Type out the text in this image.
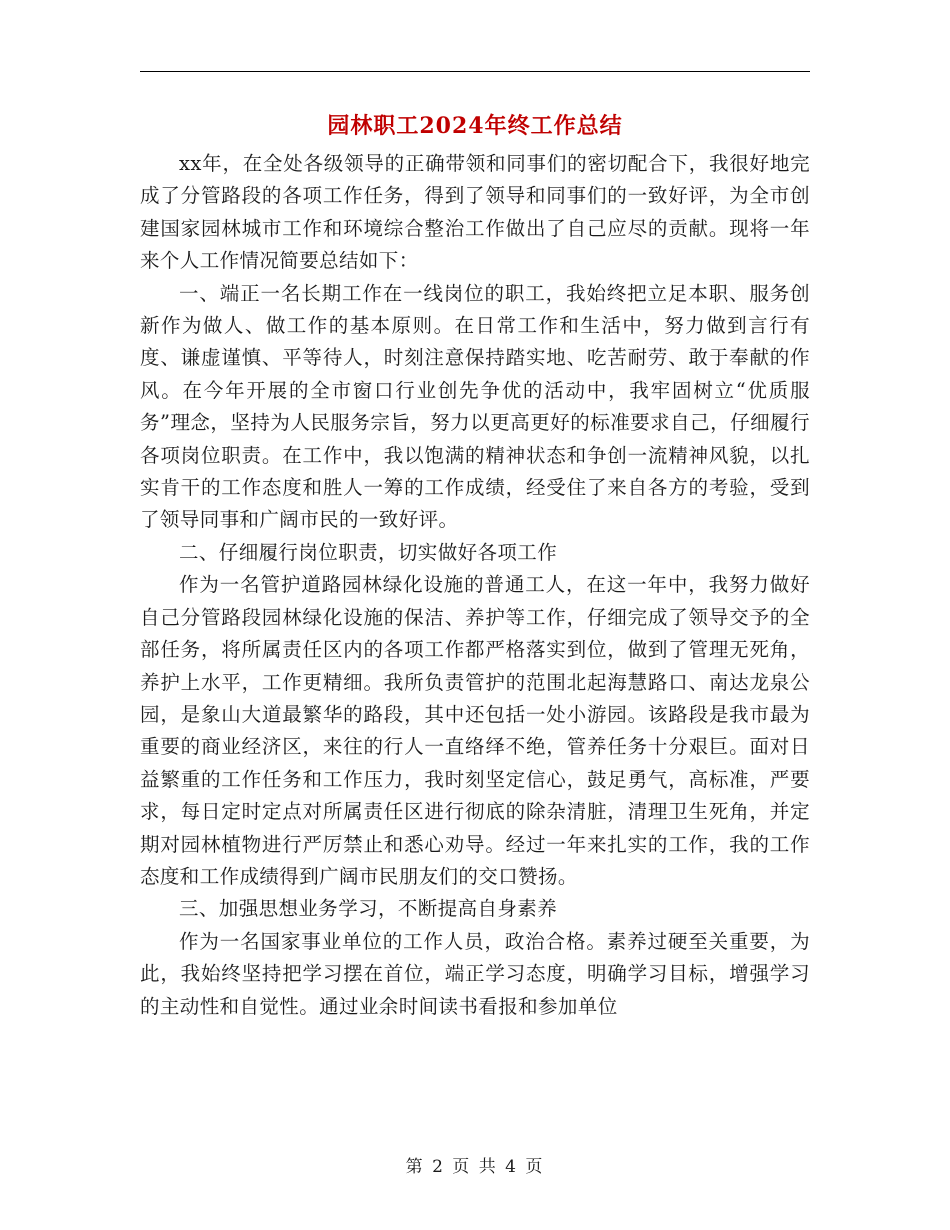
园林职工2024年终工作总结

xx年，在全处各级领导的正确带领和同事们的密切配合下，我很好地完成了分管路段的各项工作任务，得到了领导和同事们的一致好评，为全市创建国家园林城市工作和环境综合整治工作做出了自己应尽的贡献。现将一年来个人工作情况简要总结如下：

一、端正一名长期工作在一线岗位的职工，我始终把立足本职、服务创新作为做人、做工作的基本原则。在日常工作和生活中，努力做到言行有度、谦虚谨慎、平等待人，时刻注意保持踏实地、吃苦耐劳、敢于奉献的作风。在今年开展的全市窗口行业创先争优的活动中，我牢固树立“优质服务”理念，坚持为人民服务宗旨，努力以更高更好的标准要求自己，仔细履行各项岗位职责。在工作中，我以饱满的精神状态和争创一流精神风貌，以扎实肯干的工作态度和胜人一筹的工作成绩，经受住了来自各方的考验，受到了领导同事和广阔市民的一致好评。

二、仔细履行岗位职责，切实做好各项工作

作为一名管护道路园林绿化设施的普通工人，在这一年中，我努力做好自己分管路段园林绿化设施的保洁、养护等工作，仔细完成了领导交予的全部任务，将所属责任区内的各项工作都严格落实到位，做到了管理无死角，养护上水平，工作更精细。我所负责管护的范围北起海慧路口、南达龙泉公园，是象山大道最繁华的路段，其中还包括一处小游园。该路段是我市最为重要的商业经济区，来往的行人一直络绎不绝，管养任务十分艰巨。面对日益繁重的工作任务和工作压力，我时刻坚定信心，鼓足勇气，高标准，严要求，每日定时定点对所属责任区进行彻底的除杂清脏，清理卫生死角，并定期对园林植物进行严厉禁止和悉心劝导。经过一年来扎实的工作，我的工作态度和工作成绩得到广阔市民朋友们的交口赞扬。

三、加强思想业务学习，不断提高自身素养

作为一名国家事业单位的工作人员，政治合格。素养过硬至关重要，为此，我始终坚持把学习摆在首位，端正学习态度，明确学习目标，增强学习的主动性和自觉性。通过业余时间读书看报和参加单位

第 2 页 共 4 页
